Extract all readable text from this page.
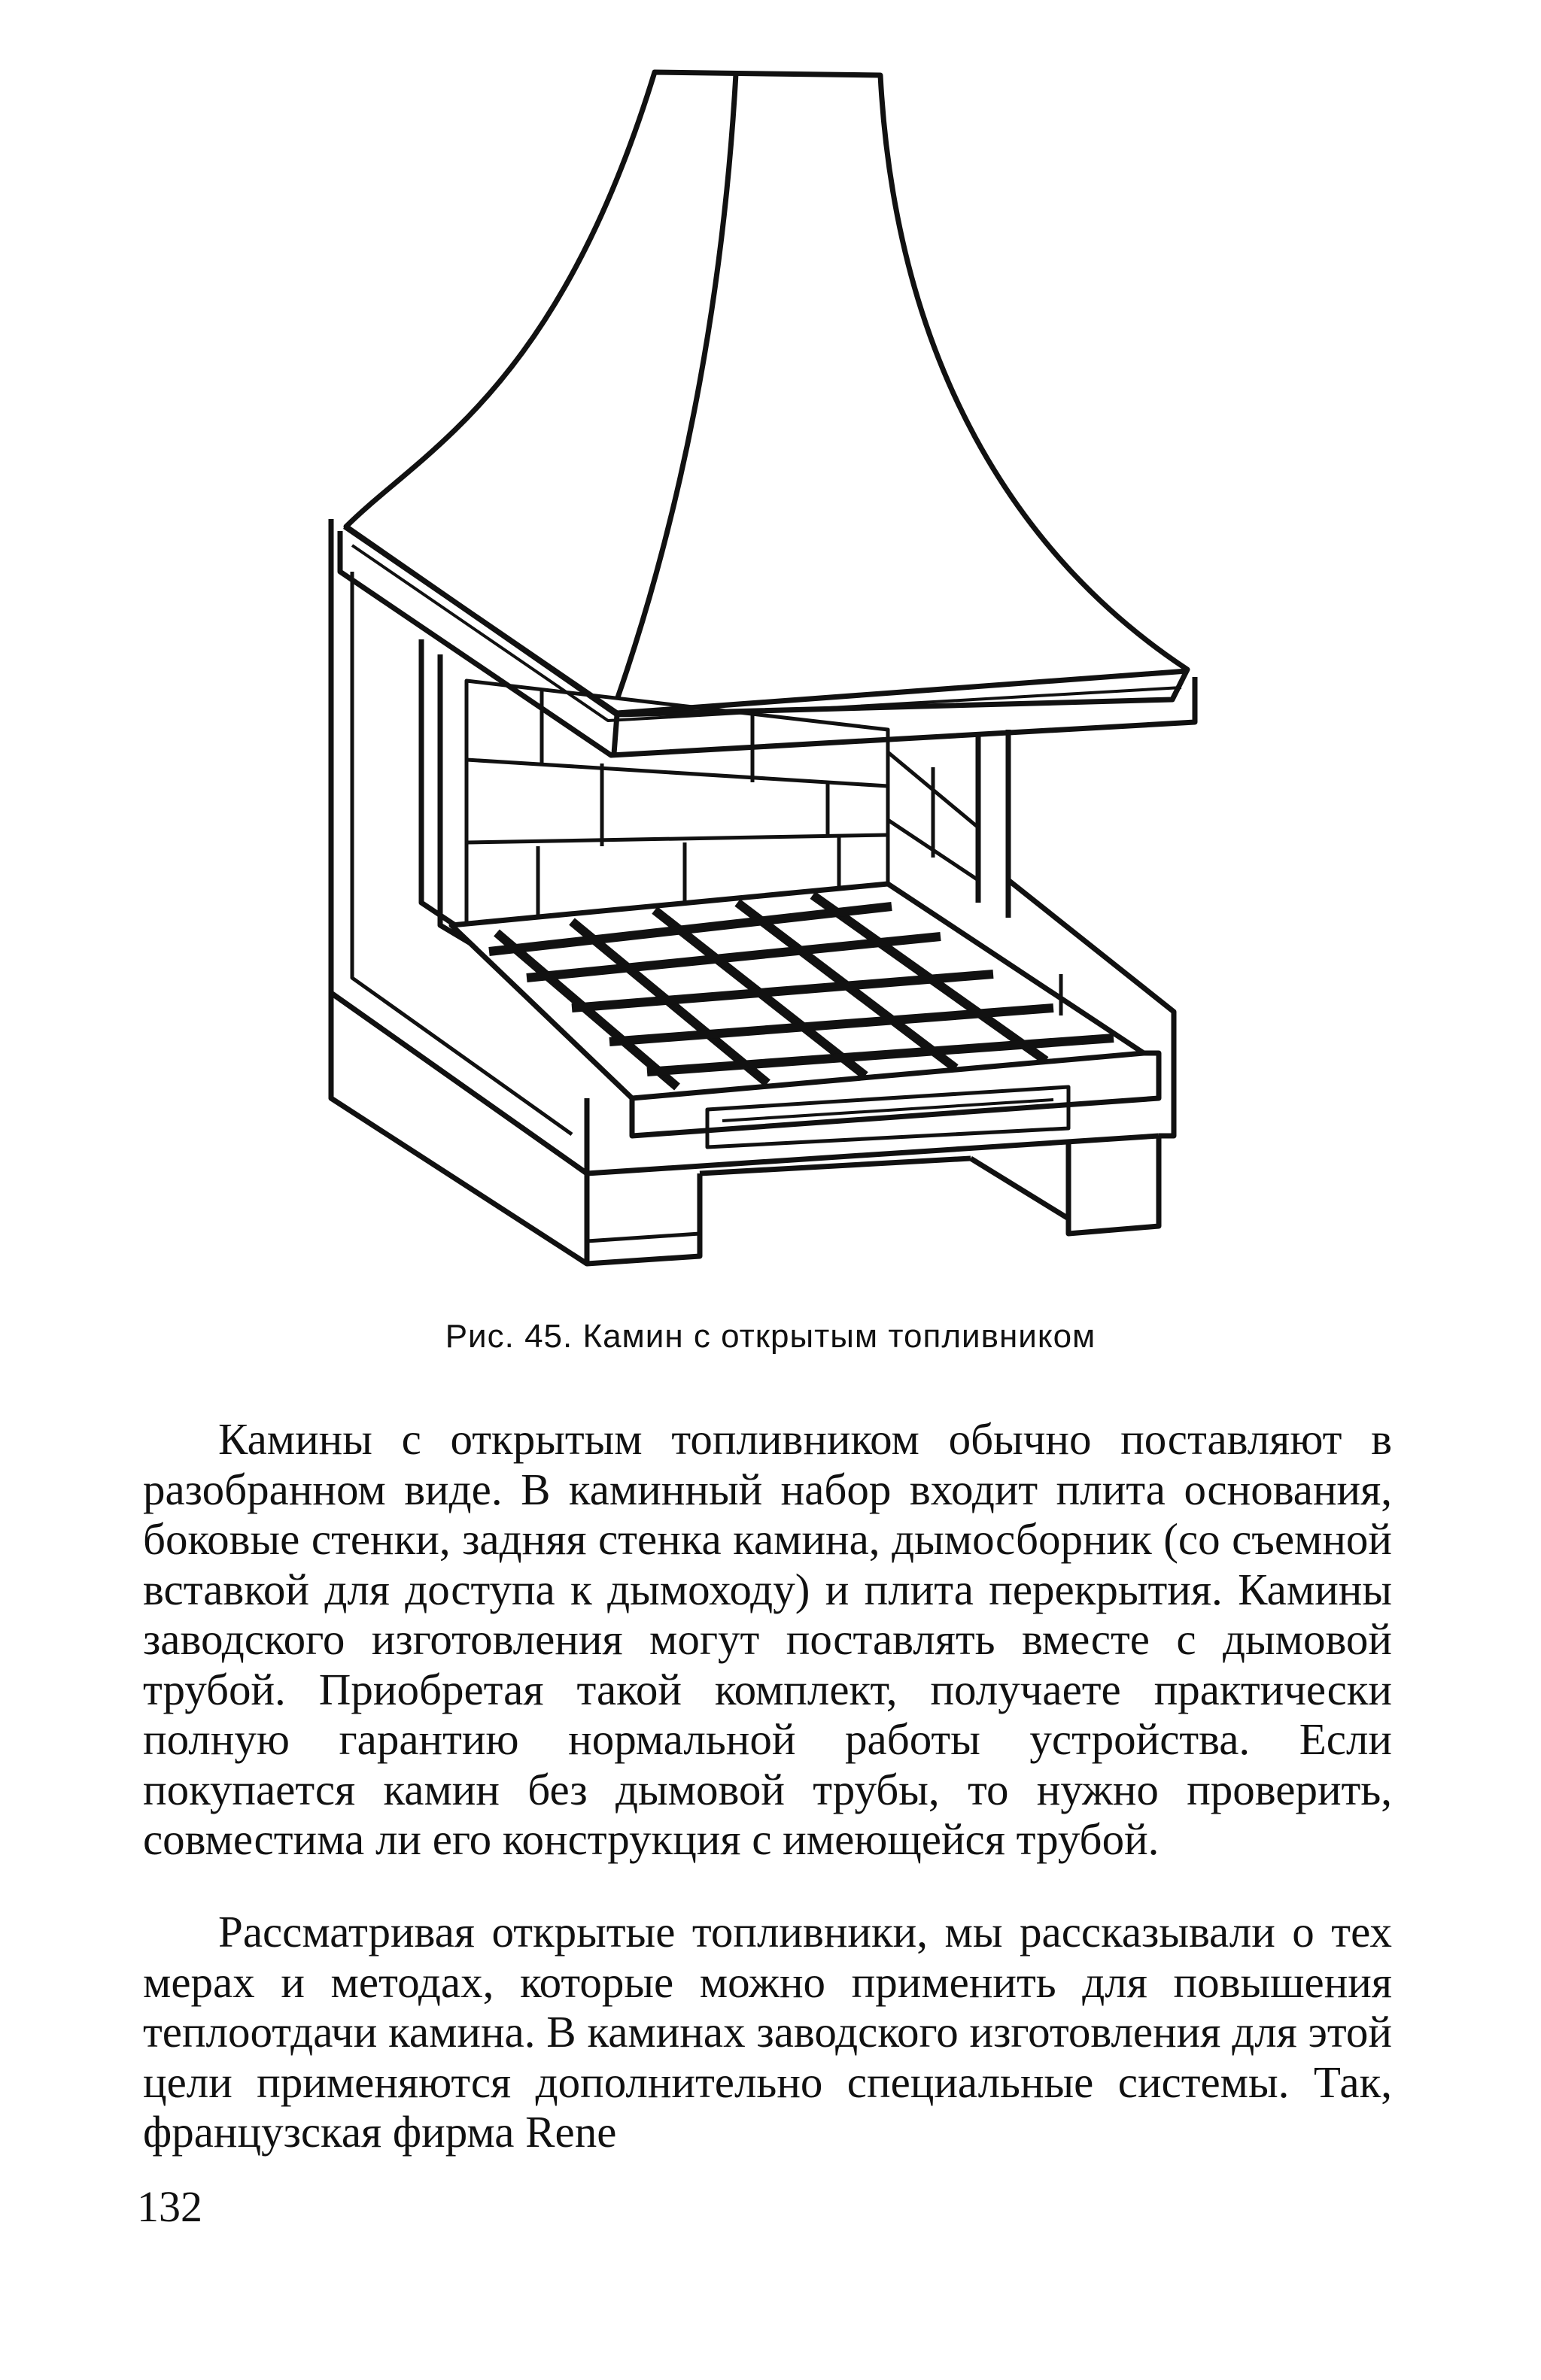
Рис. 45. Камин с открытым топливником

Камины с открытым топливником обычно поставляют в разобранном виде. В каминный набор входит плита основания, боковые стенки, задняя стенка камина, дымосборник (со съемной вставкой для доступа к дымоходу) и плита перекрытия. Камины заводского изготовления могут поставлять вместе с дымовой трубой. Приобретая такой комплект, получаете практически полную гарантию нормальной работы устройства. Если покупается камин без дымовой трубы, то нужно проверить, совместима ли его конструкция с имеющейся трубой.

Рассматривая открытые топливники, мы рассказывали о тех мерах и методах, которые можно применить для повышения теплоотдачи камина. В каминах заводского изготовления для этой цели применяются дополнительно специальные системы. Так, французская фирма Rene

132
